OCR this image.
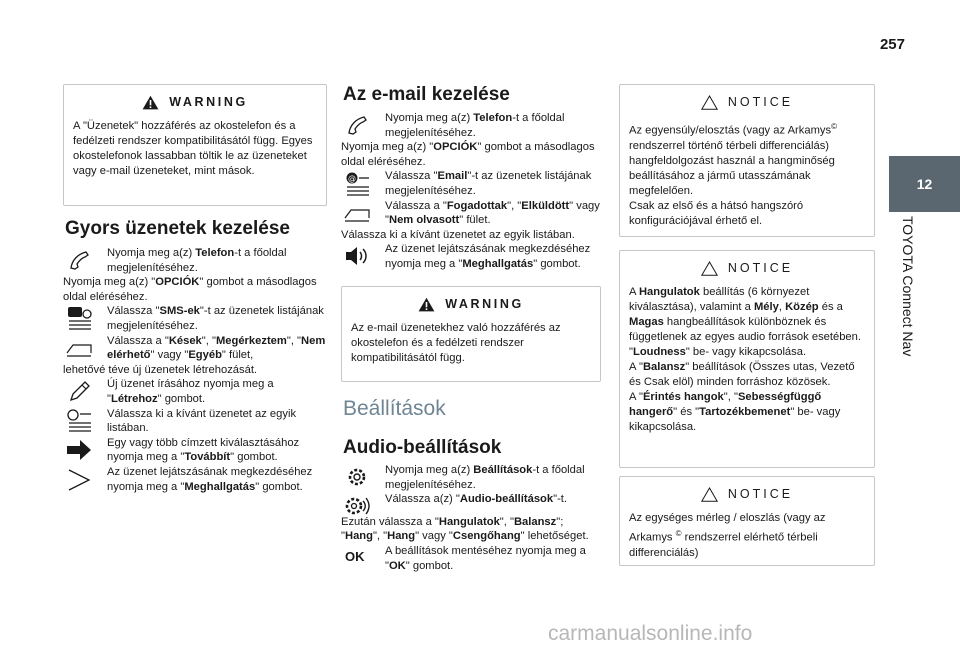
257
12
TOYOTA Connect Nav
WARNING
A "Üzenetek" hozzáférés az okostelefon és a fedélzeti rendszer kompatibilitásától függ. Egyes okostelefonok lassabban töltik le az üzeneteket vagy e-mail üzeneteket, mint mások.
Gyors üzenetek kezelése
Nyomja meg a(z) Telefon-t a főoldal megjelenítéséhez.
Nyomja meg a(z) "OPCIÓK" gombot a másodlagos oldal eléréséhez.
Válassza "SMS-ek"-t az üzenetek listájának megjelenítéséhez.
Válassza a "Kések", "Megérkeztem", "Nem elérhető" vagy "Egyéb" fület,
lehetővé téve új üzenetek létrehozását.
Új üzenet írásához nyomja meg a "Létrehoz" gombot.
Válassza ki a kívánt üzenetet az egyik listában.
Egy vagy több címzett kiválasztásához nyomja meg a "Továbbít" gombot.
Az üzenet lejátszásának megkezdéséhez nyomja meg a "Meghallgatás" gombot.
Az e-mail kezelése
Nyomja meg a(z) Telefon-t a főoldal megjelenítéséhez.
Nyomja meg a(z) "OPCIÓK" gombot a másodlagos oldal eléréséhez.
@	Válassza "Email"-t az üzenetek listájának megjelenítéséhez.
Válassza a "Fogadottak", "Elküldött" vagy "Nem olvasott" fület.
Válassza ki a kívánt üzenetet az egyik listában.
Az üzenet lejátszásának megkezdéséhez nyomja meg a "Meghallgatás" gombot.
WARNING
Az e-mail üzenetekhez való hozzáférés az okostelefon és a fedélzeti rendszer kompatibilitásától függ.
Beállítások
Audio-beállítások
Nyomja meg a(z) Beállítások-t a főoldal megjelenítéséhez.
Válassza a(z) "Audio-beállítások"-t.
Ezután válassza a "Hangulatok", "Balansz"; "Hang", "Hang" vagy "Csengőhang" lehetőséget.
OK A beállítások mentéséhez nyomja meg a "OK" gombot.
NOTICE
Az egyensúly/elosztás (vagy az Arkamys© rendszerrel történő térbeli differenciálás) hangfeldolgozást használ a hangminőség beállításához a jármű utasszámának megfelelően.
Csak az első és a hátsó hangszóró konfigurációjával érhető el.
NOTICE
A Hangulatok beállítás (6 környezet kiválasztása), valamint a Mély, Közép és a Magas hangbeállítások különböznek és függetlenek az egyes audio források esetében.
"Loudness" be- vagy kikapcsolása.
A "Balansz" beállítások (Összes utas, Vezető és Csak elöl) minden forráshoz közösek.
A "Érintés hangok", "Sebességfüggő hangerő" és "Tartozékbemenet" be- vagy kikapcsolása.
NOTICE
Az egységes mérleg / eloszlás (vagy az Arkamys © rendszerrel elérhető térbeli differenciálás)
carmanualsonline.info
